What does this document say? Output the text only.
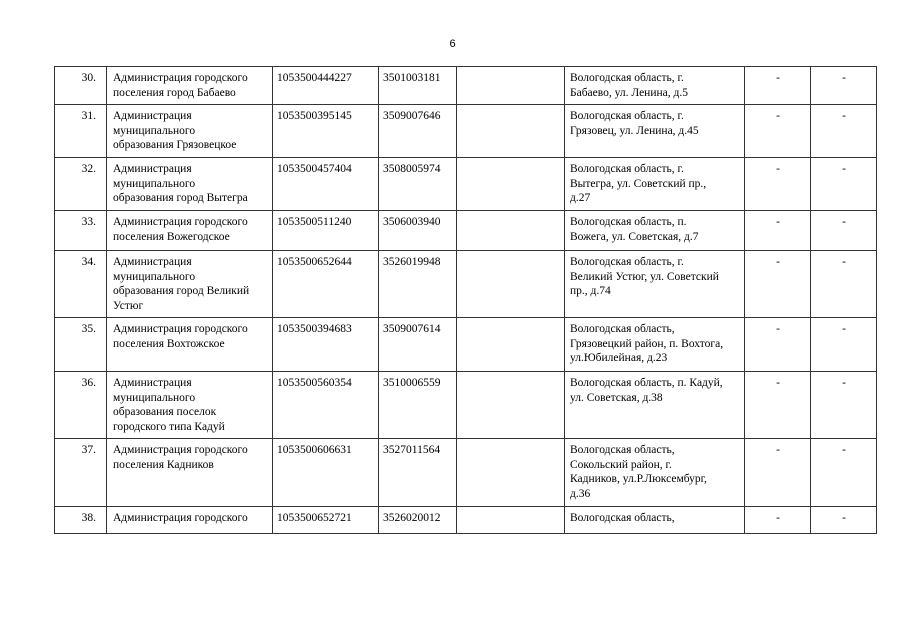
6
30.	Администрация городского
поселения город Бабаево	1053500444227	3501003181		Вологодская область, г.
Бабаево, ул. Ленина, д.5	-	-
31.	Администрация
муниципального
образования Грязовецкое	1053500395145	3509007646		Вологодская область, г.
Грязовец, ул. Ленина, д.45	-	-
32.	Администрация
муниципального
образования город Вытегра	1053500457404	3508005974		Вологодская область, г.
Вытегра, ул. Советский пр.,
д.27	-	-
33.	Администрация городского
поселения Вожегодское	1053500511240	3506003940		Вологодская область, п.
Вожега, ул. Советская, д.7	-	-
34.	Администрация
муниципального
образования город Великий
Устюг	1053500652644	3526019948		Вологодская область, г.
Великий Устюг, ул. Советский
пр., д.74	-	-
35.	Администрация городского
поселения Вохтожское	1053500394683	3509007614		Вологодская область,
Грязовецкий район, п. Вохтога,
ул.Юбилейная, д.23	-	-
36.	Администрация
муниципального
образования поселок
городского типа Кадуй	1053500560354	3510006559		Вологодская область, п. Кадуй,
ул. Советская, д.38	-	-
37.	Администрация городского
поселения Кадников	1053500606631	3527011564		Вологодская область,
Сокольский район, г.
Кадников, ул.Р.Люксембург,
д.36	-	-
38.	Администрация городского	1053500652721	3526020012		Вологодская область,	-	-
